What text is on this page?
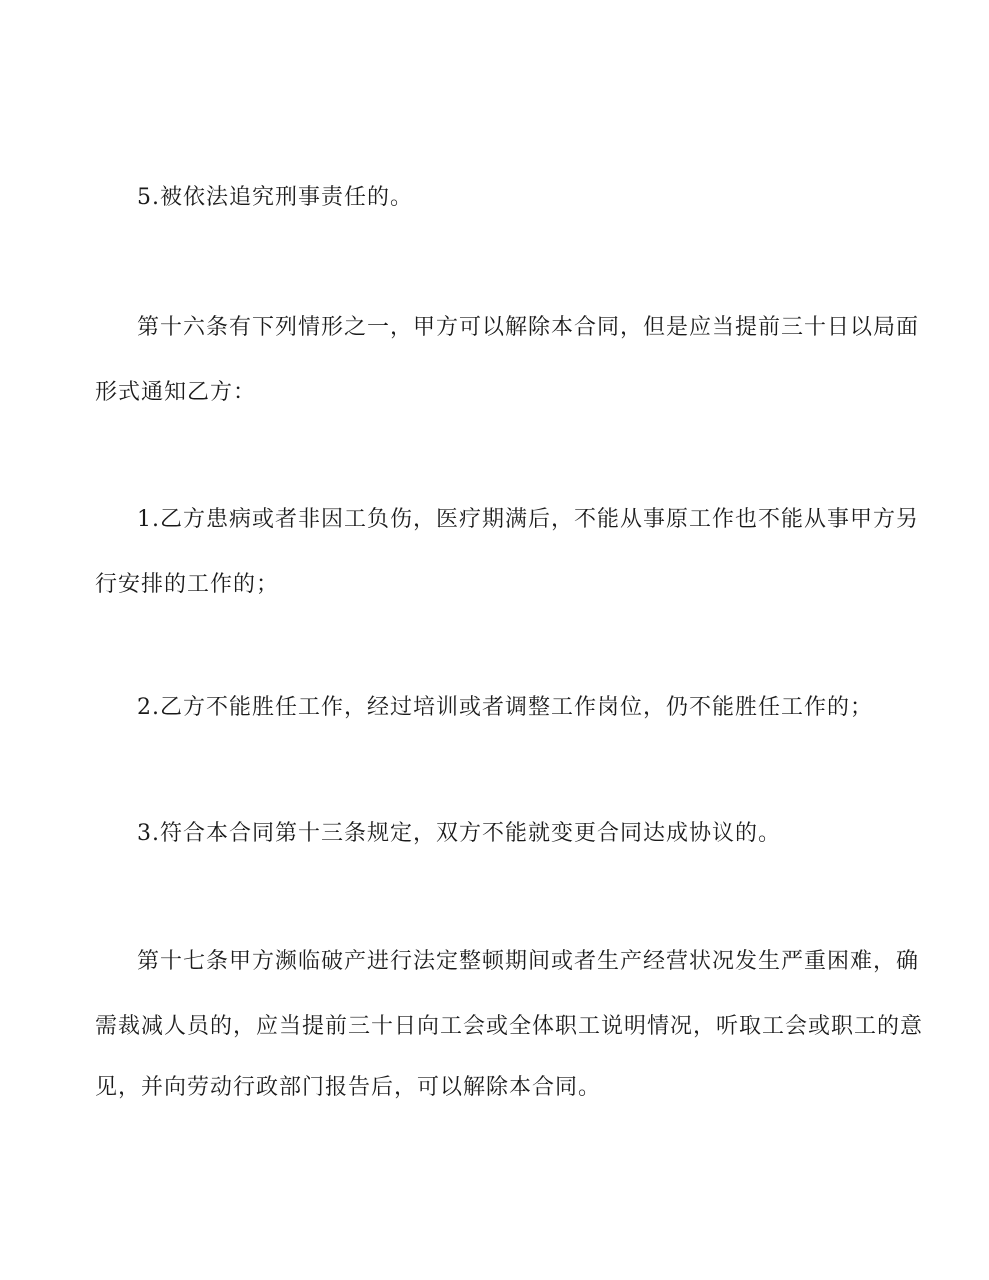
5.被依法追究刑事责任的。
第十六条有下列情形之一，甲方可以解除本合同，但是应当提前三十日以局面
形式通知乙方：
1.乙方患病或者非因工负伤，医疗期满后，不能从事原工作也不能从事甲方另
行安排的工作的；
2.乙方不能胜任工作，经过培训或者调整工作岗位，仍不能胜任工作的；
3.符合本合同第十三条规定，双方不能就变更合同达成协议的。
第十七条甲方濒临破产进行法定整顿期间或者生产经营状况发生严重困难，确
需裁减人员的，应当提前三十日向工会或全体职工说明情况，听取工会或职工的意
见，并向劳动行政部门报告后，可以解除本合同。
